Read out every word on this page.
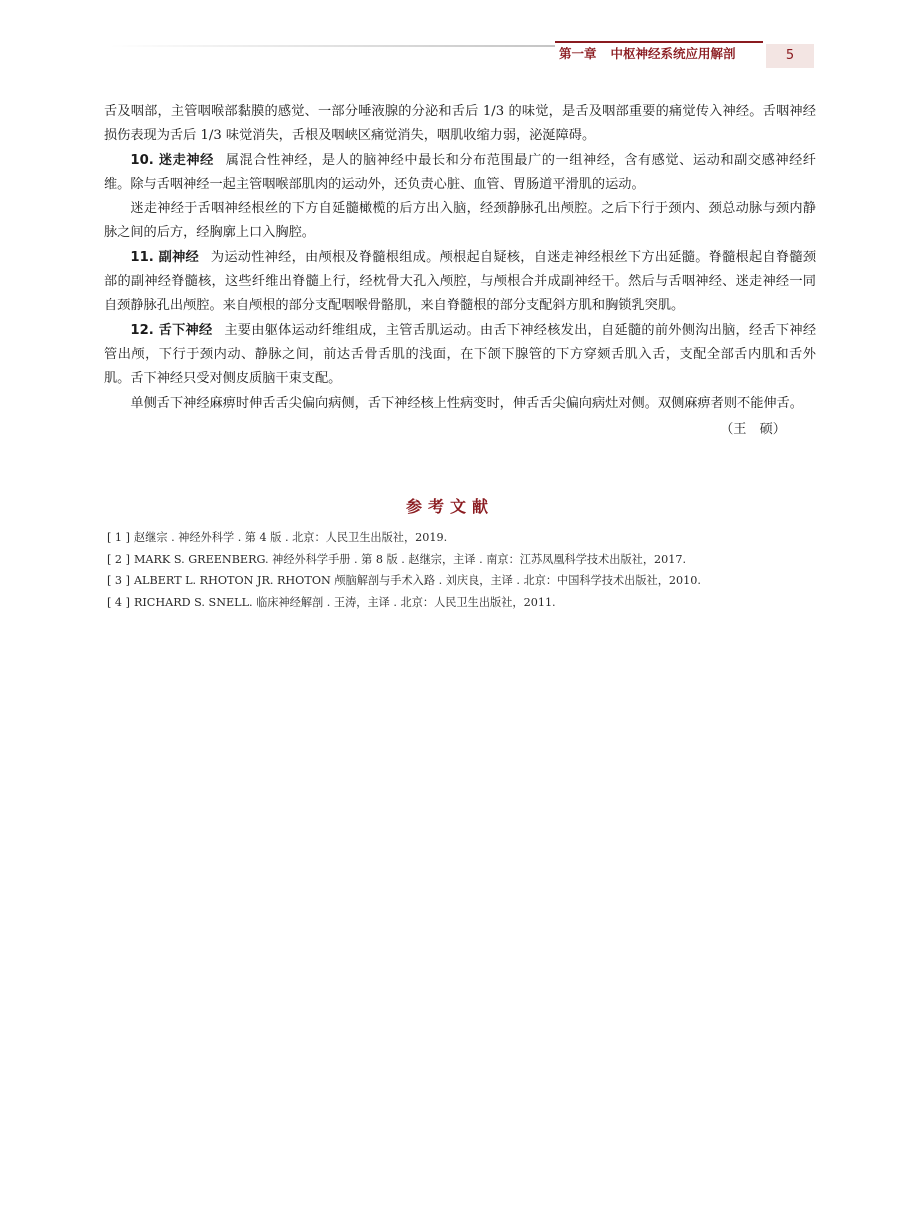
第一章 中枢神经系统应用解剖	5

舌及咽部，主管咽喉部黏膜的感觉、一部分唾液腺的分泌和舌后 1/3 的味觉，是舌及咽部重要的痛觉传入神经。舌咽神经损伤表现为舌后 1/3 味觉消失，舌根及咽峡区痛觉消失，咽肌收缩力弱，泌涎障碍。

10. 迷走神经 属混合性神经，是人的脑神经中最长和分布范围最广的一组神经，含有感觉、运动和副交感神经纤维。除与舌咽神经一起主管咽喉部肌肉的运动外，还负责心脏、血管、胃肠道平滑肌的运动。

迷走神经于舌咽神经根丝的下方自延髓橄榄的后方出入脑，经颈静脉孔出颅腔。之后下行于颈内、颈总动脉与颈内静脉之间的后方，经胸廓上口入胸腔。

11. 副神经 为运动性神经，由颅根及脊髓根组成。颅根起自疑核，自迷走神经根丝下方出延髓。脊髓根起自脊髓颈部的副神经脊髓核，这些纤维出脊髓上行，经枕骨大孔入颅腔，与颅根合并成副神经干。然后与舌咽神经、迷走神经一同自颈静脉孔出颅腔。来自颅根的部分支配咽喉骨骼肌，来自脊髓根的部分支配斜方肌和胸锁乳突肌。

12. 舌下神经 主要由躯体运动纤维组成，主管舌肌运动。由舌下神经核发出，自延髓的前外侧沟出脑，经舌下神经管出颅，下行于颈内动、静脉之间，前达舌骨舌肌的浅面，在下颌下腺管的下方穿颏舌肌入舌，支配全部舌内肌和舌外肌。舌下神经只受对侧皮质脑干束支配。

单侧舌下神经麻痹时伸舌舌尖偏向病侧，舌下神经核上性病变时，伸舌舌尖偏向病灶对侧。双侧麻痹者则不能伸舌。

（王　硕）

参考文献
[ 1 ] 赵继宗 . 神经外科学 . 第 4 版 . 北京：人民卫生出版社，2019.
[ 2 ] MARK S. GREENBERG. 神经外科学手册 . 第 8 版 . 赵继宗，主译 . 南京：江苏凤凰科学技术出版社，2017.
[ 3 ] ALBERT L. RHOTON JR. RHOTON 颅脑解剖与手术入路 . 刘庆良，主译 . 北京：中国科学技术出版社，2010.
[ 4 ] RICHARD S. SNELL. 临床神经解剖 . 王涛，主译 . 北京：人民卫生出版社，2011.
